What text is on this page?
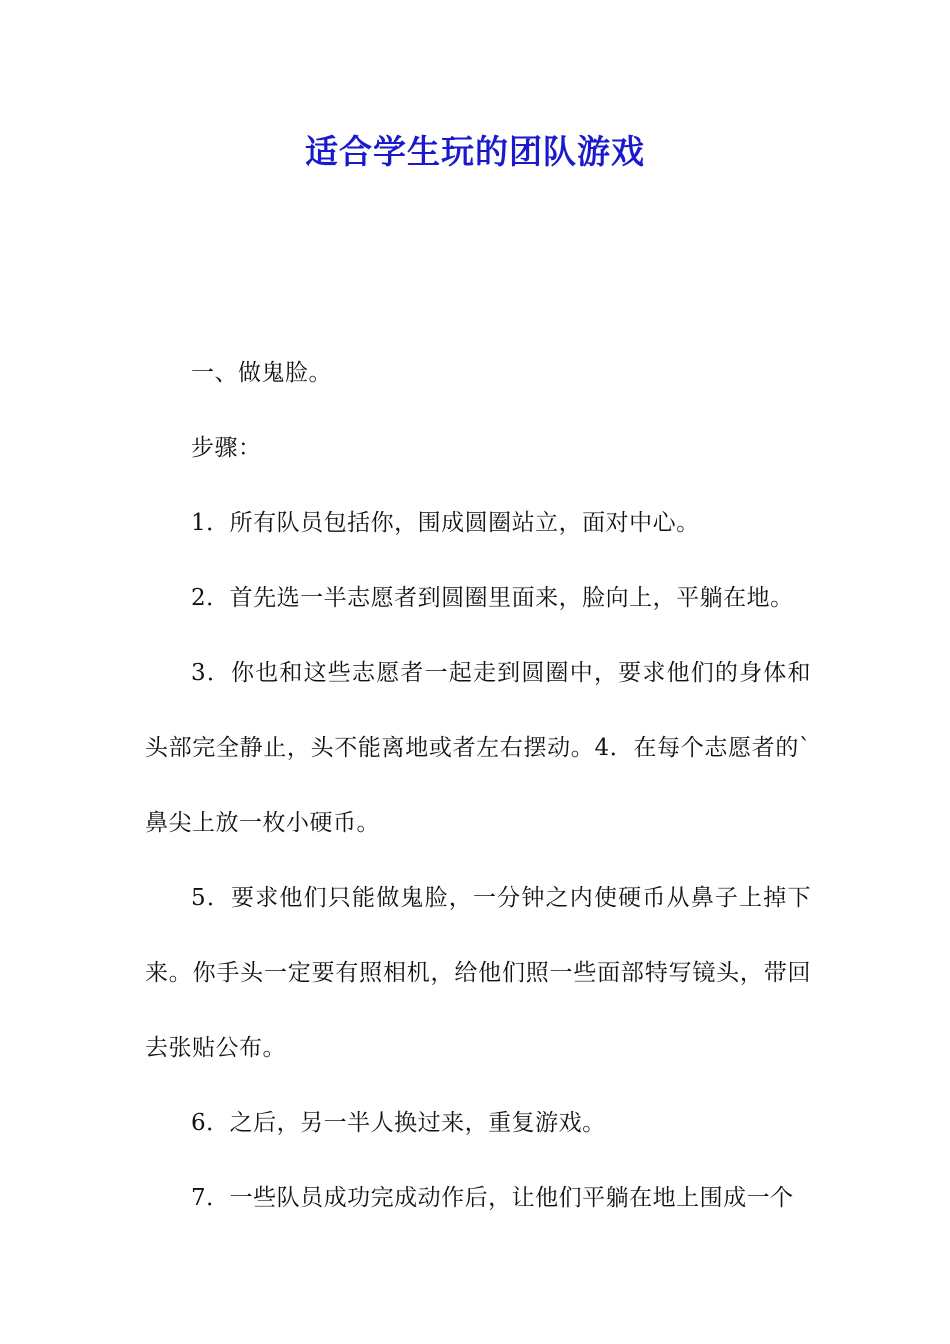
适合学生玩的团队游戏

一、做鬼脸。

步骤：

1．所有队员包括你，围成圆圈站立，面对中心。

2．首先选一半志愿者到圆圈里面来，脸向上，平躺在地。

3．你也和这些志愿者一起走到圆圈中，要求他们的身体和头部完全静止，头不能离地或者左右摆动。4．在每个志愿者的`鼻尖上放一枚小硬币。

5．要求他们只能做鬼脸，一分钟之内使硬币从鼻子上掉下来。你手头一定要有照相机，给他们照一些面部特写镜头，带回去张贴公布。

6．之后，另一半人换过来，重复游戏。

7．一些队员成功完成动作后，让他们平躺在地上围成一个
